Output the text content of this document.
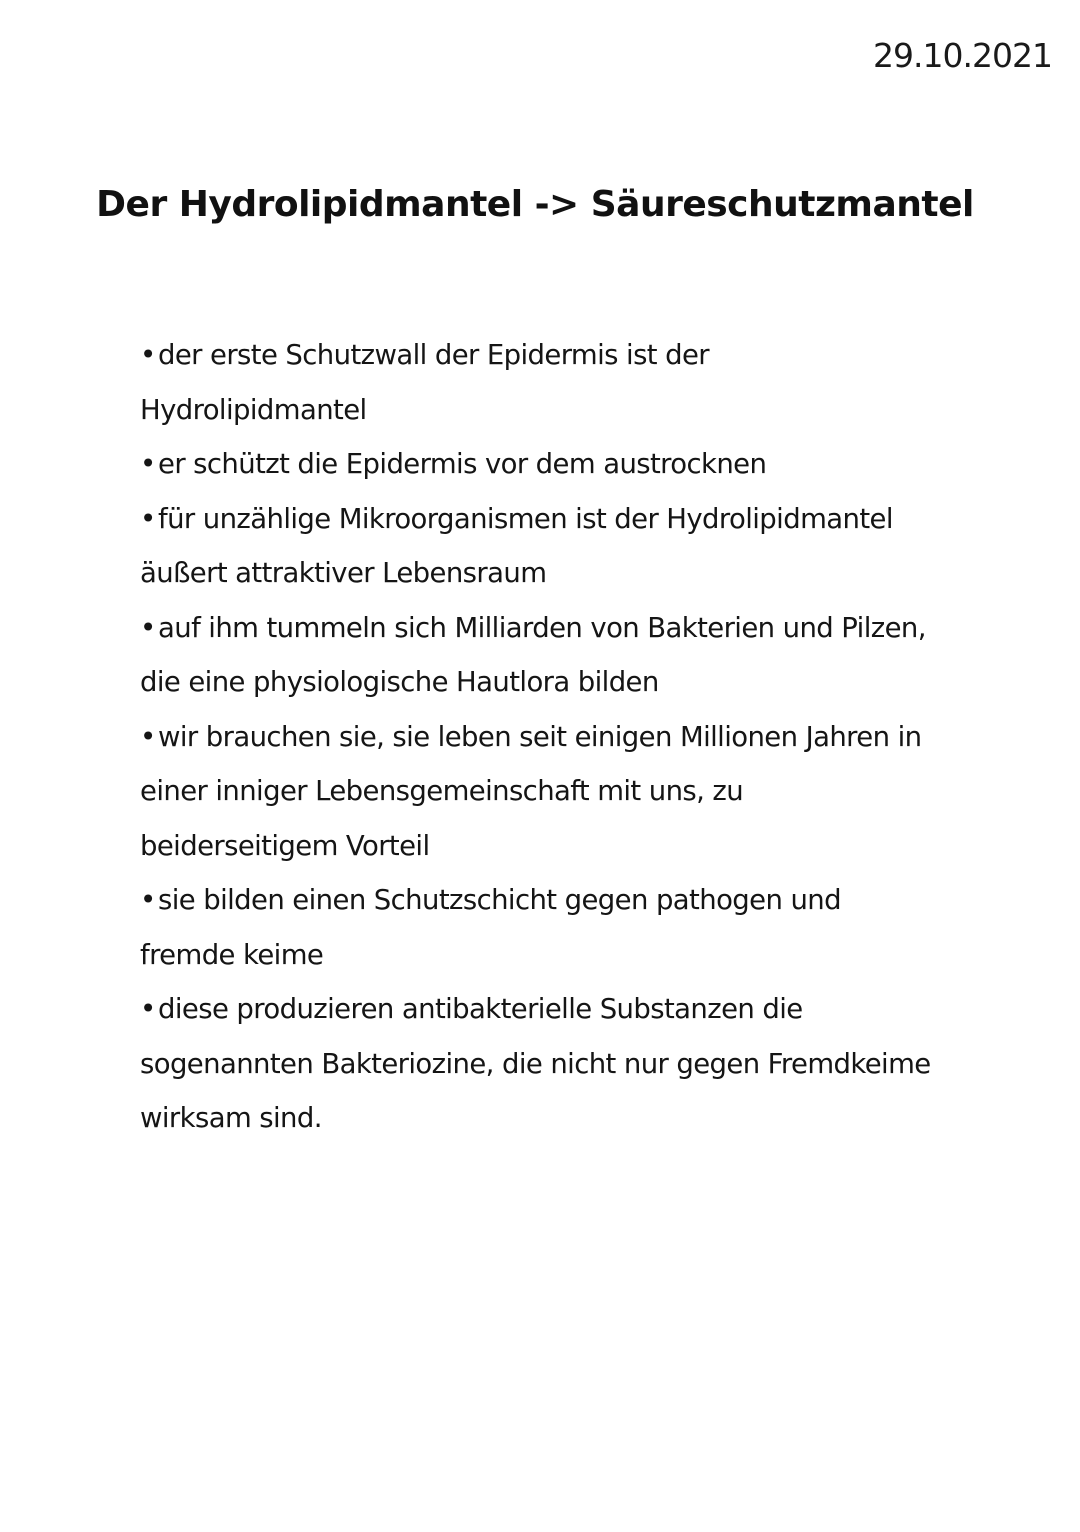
29.10.2021
Der Hydrolipidmantel -> Säureschutzmantel
•der erste Schutzwall der Epidermis ist der Hydrolipidmantel
•er schützt die Epidermis vor dem austrocknen
•für unzählige Mikroorganismen ist der Hydrolipidmantel äußert attraktiver Lebensraum
•auf ihm tummeln sich Milliarden von Bakterien und Pilzen, die eine physiologische Hautlora bilden
•wir brauchen sie, sie leben seit einigen Millionen Jahren in einer inniger Lebensgemeinschaft mit uns, zu beiderseitigem Vorteil
•sie bilden einen Schutzschicht gegen pathogen und fremde keime
•diese produzieren antibakterielle Substanzen die sogenannten Bakteriozine, die nicht nur gegen Fremdkeime wirksam sind.
